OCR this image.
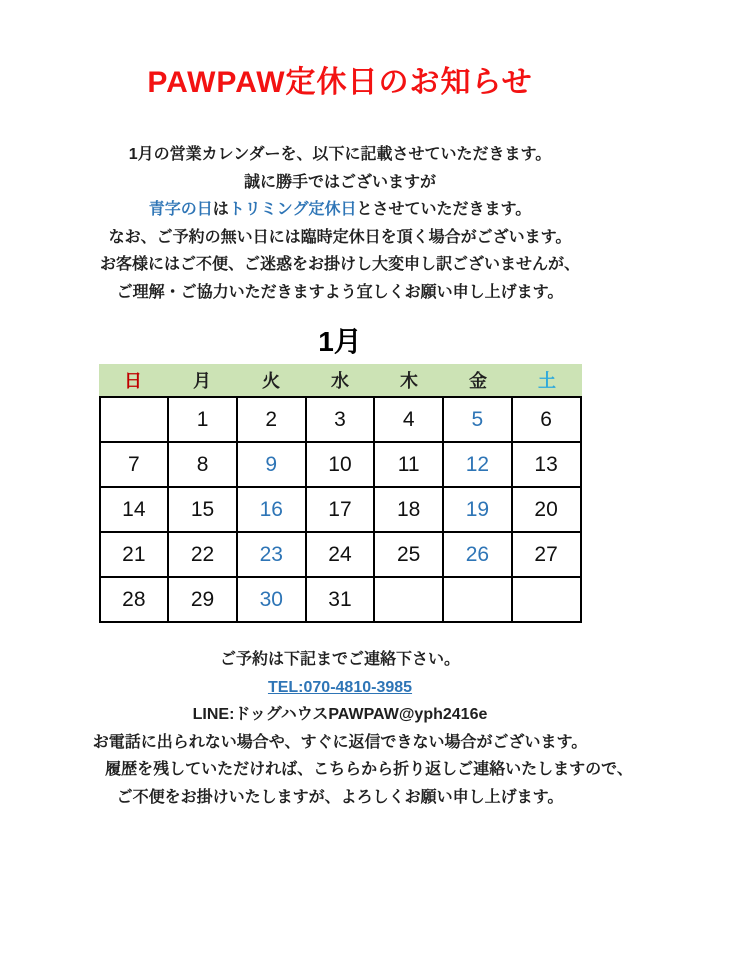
PAWPAW定休日のお知らせ
1月の営業カレンダーを、以下に記載させていただきます。
誠に勝手ではございますが
青字の日はトリミング定休日とさせていただきます。
なお、ご予約の無い日には臨時定休日を頂く場合がございます。
お客様にはご不便、ご迷惑をお掛けし大変申し訳ございませんが、
ご理解・ご協力いただきますよう宜しくお願い申し上げます。
1月
日	月	火	水	木	金	土
	1	2	3	4	5	6
7	8	9	10	11	12	13
14	15	16	17	18	19	20
21	22	23	24	25	26	27
28	29	30	31			
ご予約は下記までご連絡下さい。
TEL:070-4810-3985
LINE:ドッグハウスPAWPAW@yph2416e
お電話に出られない場合や、すぐに返信できない場合がございます。
履歴を残していただければ、こちらから折り返しご連絡いたしますので、
ご不便をお掛けいたしますが、よろしくお願い申し上げます。
